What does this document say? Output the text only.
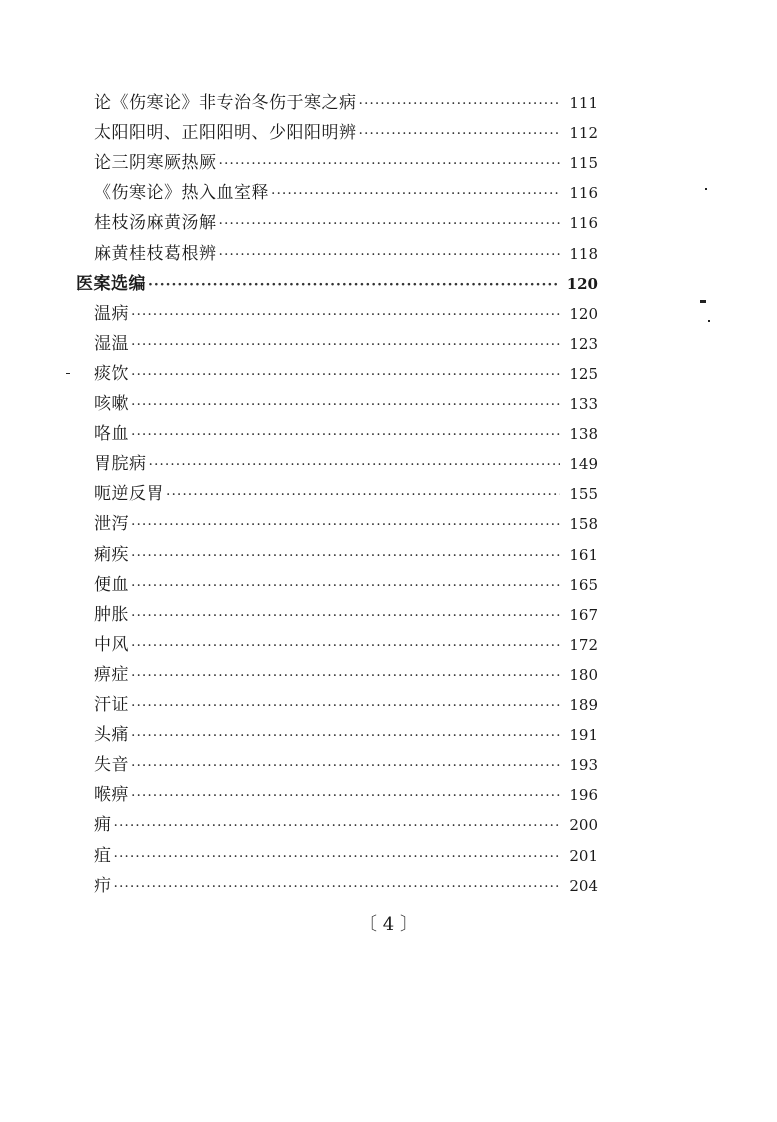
论《伤寒论》非专治冬伤于寒之病 ·····	111
太阳阳明、正阳阳明、少阳阳明辨 ·····	112
论三阴寒厥热厥 ·····	115
《伤寒论》热入血室释 ·····	116
桂枝汤麻黄汤解 ·····	116
麻黄桂枝葛根辨 ·····	118
医案选编 ·····	120
温病 ·····	120
湿温 ·····	123
痰饮 ·····	125
咳嗽 ·····	133
咯血 ·····	138
胃脘病 ·····	149
呃逆反胃 ·····	155
泄泻 ·····	158
痢疾 ·····	161
便血 ·····	165
肿胀 ·····	167
中风 ·····	172
痹症 ·····	180
汗证 ·····	189
头痛 ·····	191
失音 ·····	193
喉痹 ·····	196
痈 ·····	200
疽 ·····	201
疖 ·····	204
〔 4 〕
